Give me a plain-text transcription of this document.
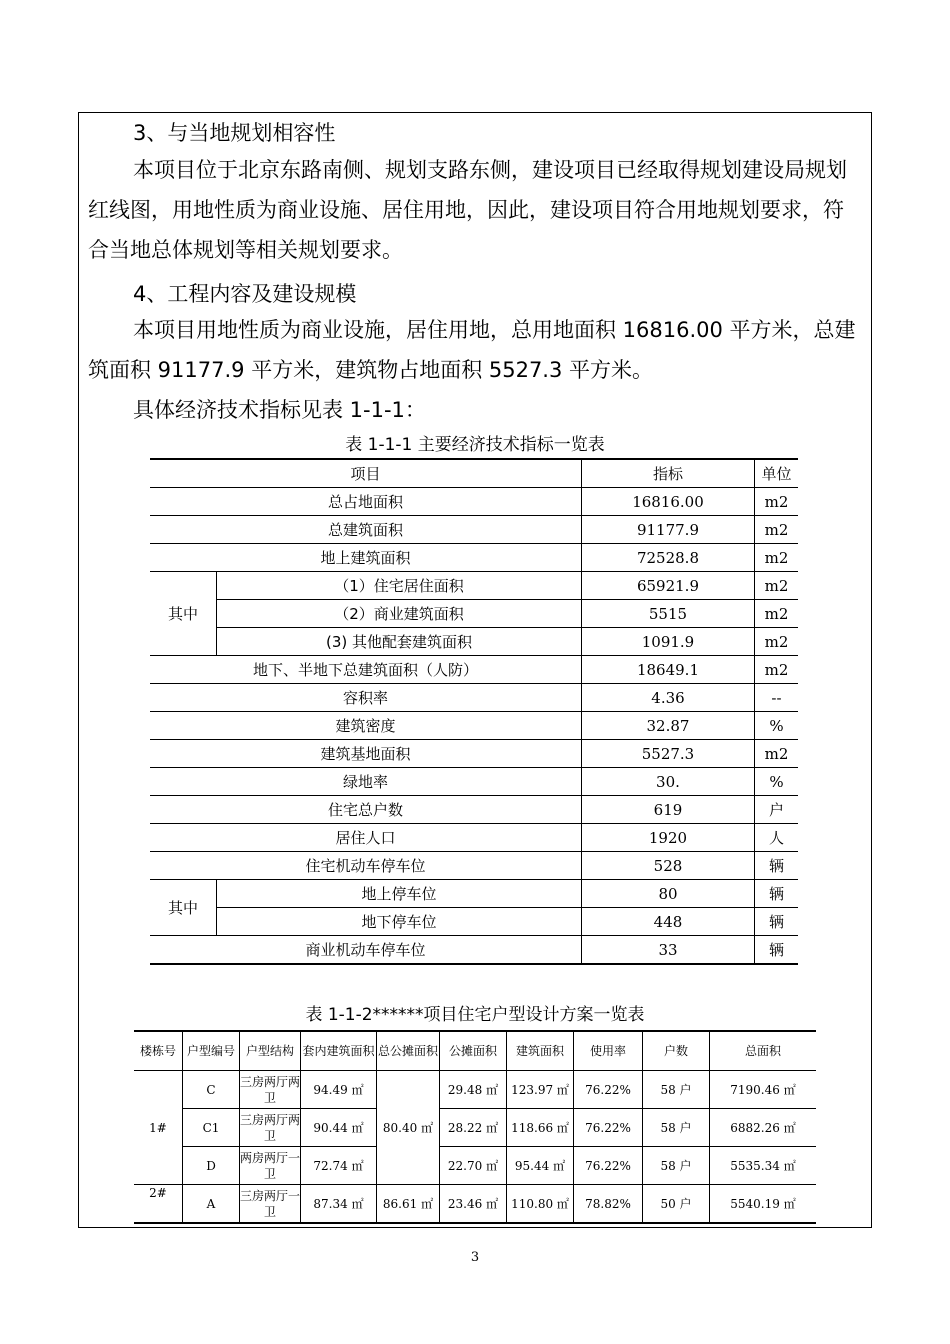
3、与当地规划相容性
本项目位于北京东路南侧、规划支路东侧，建设项目已经取得规划建设局规划红线图，用地性质为商业设施、居住用地，因此，建设项目符合用地规划要求，符合当地总体规划等相关规划要求。
4、工程内容及建设规模
本项目用地性质为商业设施，居住用地，总用地面积 16816.00 平方米，总建筑面积 91177.9 平方米，建筑物占地面积 5527.3 平方米。
具体经济技术指标见表 1-1-1：
表 1-1-1 主要经济技术指标一览表
项目		指标	单位
总占地面积		16816.00	m2
总建筑面积		91177.9	m2
地上建筑面积		72528.8	m2
其中	（1）住宅居住面积	65921.9	m2
	（2）商业建筑面积	5515	m2
	(3) 其他配套建筑面积	1091.9	m2
地下、半地下总建筑面积（人防）		18649.1	m2
容积率		4.36	--
建筑密度		32.87	%
建筑基地面积		5527.3	m2
绿地率		30.	%
住宅总户数		619	户
居住人口		1920	人
住宅机动车停车位		528	辆
其中	地上停车位	80	辆
	地下停车位	448	辆
商业机动车停车位		33	辆
表 1-1-2******项目住宅户型设计方案一览表
楼栋号	户型编号	户型结构	套内建筑面积	总公摊面积	公摊面积	建筑面积	使用率	户数	总面积
1#	C	三房两厅两卫	94.49 ㎡	80.40 ㎡	29.48 ㎡	123.97 ㎡	76.22%	58 户	7190.46 ㎡
	C1	三房两厅两卫	90.44 ㎡		28.22 ㎡	118.66 ㎡	76.22%	58 户	6882.26 ㎡
	D	两房两厅一卫	72.74 ㎡		22.70 ㎡	95.44 ㎡	76.22%	58 户	5535.34 ㎡
2#	A	三房两厅一卫	87.34 ㎡	86.61 ㎡	23.46 ㎡	110.80 ㎡	78.82%	50 户	5540.19 ㎡
3
